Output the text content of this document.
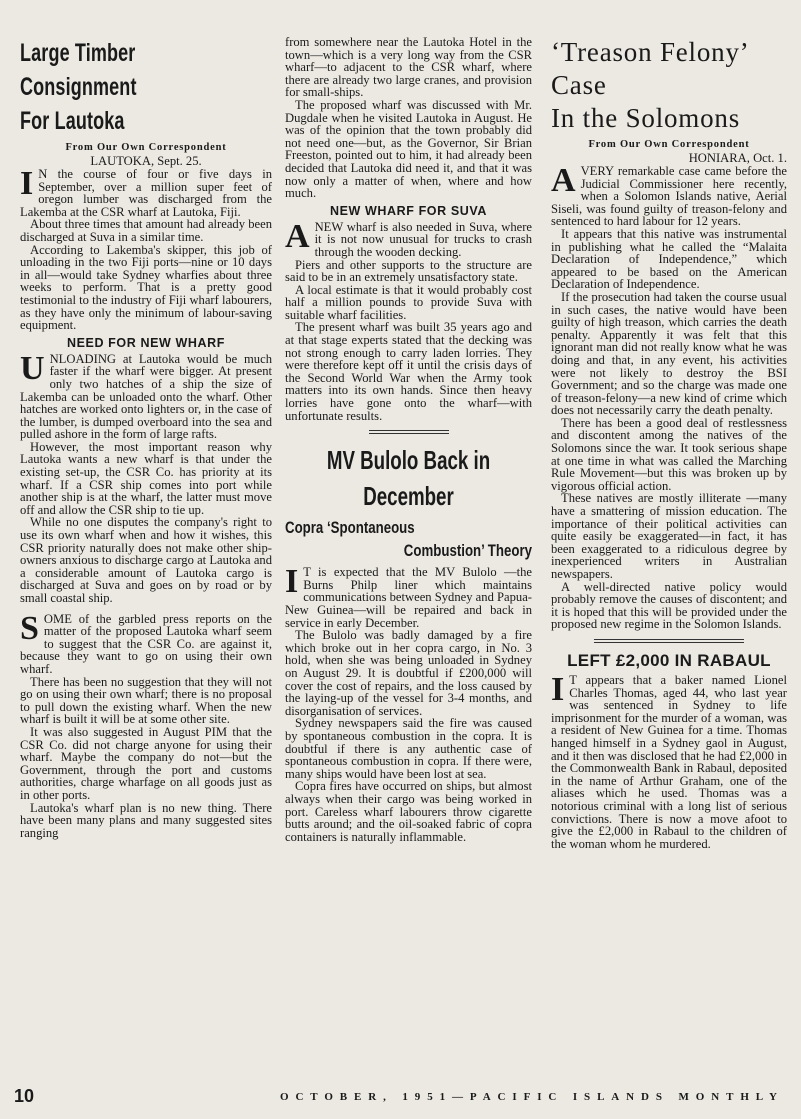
Large Timber
Consignment
For Lautoka
From Our Own Correspondent

LAUTOKA, Sept. 25.

I N the course of four or five days in September, over a million super feet of oregon lumber was discharged from the Lakemba at the CSR wharf at Lautoka, Fiji.

About three times that amount had already been discharged at Suva in a similar time.

According to Lakemba's skipper, this job of unloading in the two Fiji ports—nine or 10 days in all—would take Sydney wharfies about three weeks to perform. That is a pretty good testimonial to the industry of Fiji wharf labourers, as they have only the minimum of labour-saving equipment.

NEED FOR NEW WHARF

UNLOADING at Lautoka would be much faster if the wharf were bigger. At present only two hatches of a ship the size of Lakemba can be unloaded onto the wharf. Other hatches are worked onto lighters or, in the case of the lumber, is dumped overboard into the sea and pulled ashore in the form of large rafts.

However, the most important reason why Lautoka wants a new wharf is that under the existing set-up, the CSR Co. has priority at its wharf. If a CSR ship comes into port while another ship is at the wharf, the latter must move off and allow the CSR ship to tie up.

While no one disputes the company's right to use its own wharf when and how it wishes, this CSR priority naturally does not make other ship-owners anxious to discharge cargo at Lautoka and a considerable amount of Lautoka cargo is discharged at Suva and goes on by road or by small coastal ship.

SOME of the garbled press reports on the matter of the proposed Lautoka wharf seem to suggest that the CSR Co. are against it, because they want to go on using their own wharf.

There has been no suggestion that they will not go on using their own wharf; there is no proposal to pull down the existing wharf. When the new wharf is built it will be at some other site.

It was also suggested in August PIM that the CSR Co. did not charge anyone for using their wharf. Maybe the company do not—but the Government, through the port and customs authorities, charge wharfage on all goods just as in other ports.

Lautoka's wharf plan is no new thing. There have been many plans and many suggested sites ranging

from somewhere near the Lautoka Hotel in the town—which is a very long way from the CSR wharf—to adjacent to the CSR wharf, where there are already two large cranes, and provision for small-ships.

The proposed wharf was discussed with Mr. Dugdale when he visited Lautoka in August. He was of the opinion that the town probably did not need one—but, as the Governor, Sir Brian Freeston, pointed out to him, it had already been decided that Lautoka did need it, and that it was now only a matter of when, where and how much.

NEW WHARF FOR SUVA

ANEW wharf is also needed in Suva, where it is not now unusual for trucks to crash through the wooden decking.

Piers and other supports to the structure are said to be in an extremely unsatisfactory state.

A local estimate is that it would probably cost half a million pounds to provide Suva with suitable wharf facilities.

The present wharf was built 35 years ago and at that stage experts stated that the decking was not strong enough to carry laden lorries. They were therefore kept off it until the crisis days of the Second World War when the Army took matters into its own hands. Since then heavy lorries have gone onto the wharf—with unfortunate results.

MV Bulolo Back in
December
Copra ‘Spontaneous
Combustion’ Theory

I T is expected that the MV Bulolo —the Burns Philp liner which maintains communications between Sydney and Papua-New Guinea—will be repaired and back in service in early December.

The Bulolo was badly damaged by a fire which broke out in her copra cargo, in No. 3 hold, when she was being unloaded in Sydney on August 29. It is doubtful if £200,000 will cover the cost of repairs, and the loss caused by the laying-up of the vessel for 3-4 months, and disorganisation of services.

Sydney newspapers said the fire was caused by spontaneous combustion in the copra. It is doubtful if there is any authentic case of spontaneous combustion in copra. If there were, many ships would have been lost at sea.

Copra fires have occurred on ships, but almost always when their cargo was being worked in port. Careless wharf labourers throw cigarette butts around; and the oil-soaked fabric of copra containers is naturally inflammable.

‘Treason Felony’
Case
In the Solomons
From Our Own Correspondent

HONIARA, Oct. 1.

AVERY remarkable case came before the Judicial Commissioner here recently, when a Solomon Islands native, Aerial Siseli, was found guilty of treason-felony and sentenced to hard labour for 12 years.

It appears that this native was instrumental in publishing what he called the “Malaita Declaration of Independence,” which appeared to be based on the American Declaration of Independence.

If the prosecution had taken the course usual in such cases, the native would have been guilty of high treason, which carries the death penalty. Apparently it was felt that this ignorant man did not really know what he was doing and that, in any event, his activities were not likely to destroy the BSI Government; and so the charge was made one of treason-felony—a new kind of crime which does not necessarily carry the death penalty.

There has been a good deal of restlessness and discontent among the natives of the Solomons since the war. It took serious shape at one time in what was called the Marching Rule Movement—but this was broken up by vigorous official action.

These natives are mostly illiterate —many have a smattering of mission education. The importance of their political activities can quite easily be exaggerated—in fact, it has been exaggerated to a ridiculous degree by inexperienced writers in Australian newspapers.

A well-directed native policy would probably remove the causes of discontent; and it is hoped that this will be provided under the proposed new regime in the Solomon Islands.

LEFT £2,000 IN RABAUL

I T appears that a baker named Lionel Charles Thomas, aged 44, who last year was sentenced in Sydney to life imprisonment for the murder of a woman, was a resident of New Guinea for a time. Thomas hanged himself in a Sydney gaol in August, and it then was disclosed that he had £2,000 in the Commonwealth Bank in Rabaul, deposited in the name of Arthur Graham, one of the aliases which he used. Thomas was a notorious criminal with a long list of serious convictions. There is now a move afoot to give the £2,000 in Rabaul to the children of the woman whom he murdered.

10	OCTOBER, 1951—PACIFIC ISLANDS MONTHLY
